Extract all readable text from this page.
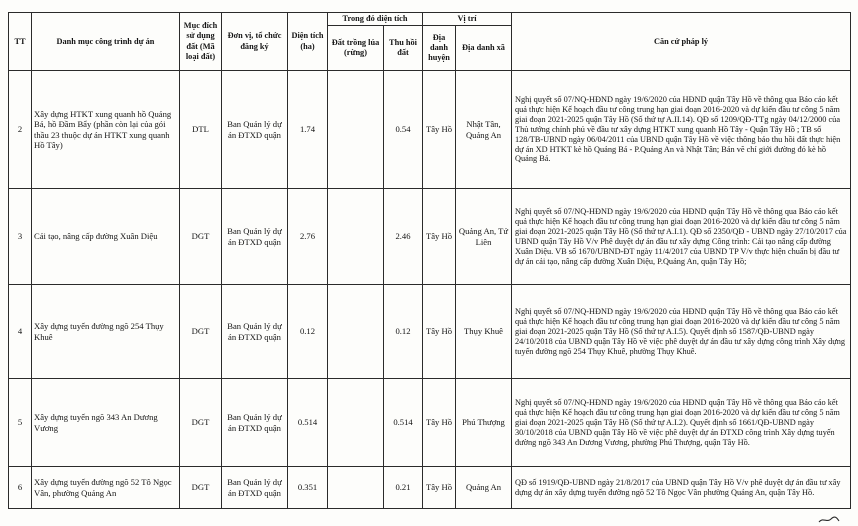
TT	Danh mục công trình dự án	Mục đích sử dụng đất (Mã loại đất)	Đơn vị, tổ chức đăng ký	Diện tích (ha)	Trong đó diện tích		Vị trí		Căn cứ pháp lý
					Đất trồng lúa (rừng)	Thu hồi đất	Địa danh huyện	Địa danh xã	
2	Xây dựng HTKT xung quanh hồ Quảng Bá, hồ Đầm Bẩy (phần còn lại của gói thầu 23 thuộc dự án HTKT xung quanh Hồ Tây)	DTL	Ban Quản lý dự án ĐTXD quận	1.74		0.54	Tây Hồ	Nhật Tân, Quảng An	Nghị quyết số 07/NQ-HĐND ngày 19/6/2020 của HĐND quận Tây Hồ về thông qua Báo cáo kết quả thực hiện Kế hoạch đầu tư công trung hạn giai đoạn 2016-2020 và dự kiến đầu tư công 5 năm giai đoạn 2021-2025 quận Tây Hồ (Số thứ tự A.II.14). QĐ số 1209/QĐ-TTg ngày 04/12/2000 của Thủ tướng chính phủ về đầu tư xây dựng HTKT xung quanh Hồ Tây - Quận Tây Hồ ; TB số 128/TB-UBND ngày 06/04/2011 của UBND quận Tây Hồ về việc thông báo thu hồi đất thực hiện dự án XD HTKT kè hồ Quảng Bá - P.Quảng An và Nhật Tân; Bản vẽ chỉ giới đường đỏ kè hồ Quảng Bá.
3	Cải tạo, nâng cấp đường Xuân Diệu	DGT	Ban Quản lý dự án ĐTXD quận	2.76		2.46	Tây Hồ	Quảng An, Tứ Liên	Nghị quyết số 07/NQ-HĐND ngày 19/6/2020 của HĐND quận Tây Hồ về thông qua Báo cáo kết quả thực hiện Kế hoạch đầu tư công trung hạn giai đoạn 2016-2020 và dự kiến đầu tư công 5 năm giai đoạn 2021-2025 quận Tây Hồ (Số thứ tự A.I.1). QĐ số 2350/QĐ - UBND ngày 27/10/2017 của UBND quận Tây Hồ V/v Phê duyệt dự án đầu tư xây dựng Công trình: Cải tạo nâng cấp đường Xuân Diệu. VB số 1670/UBND-ĐT ngày 11/4/2017 của UBND TP V/v thực hiện chuẩn bị đầu tư dự án cải tạo, nâng cấp đường Xuân Diệu, P.Quảng An, quận Tây Hồ;
4	Xây dựng tuyến đường ngõ 254 Thụy Khuê	DGT	Ban Quản lý dự án ĐTXD quận	0.12		0.12	Tây Hồ	Thụy Khuê	Nghị quyết số 07/NQ-HĐND ngày 19/6/2020 của HĐND quận Tây Hồ về thông qua Báo cáo kết quả thực hiện Kế hoạch đầu tư công trung hạn giai đoạn 2016-2020 và dự kiến đầu tư công 5 năm giai đoạn 2021-2025 quận Tây Hồ (Số thứ tự A.I.5). Quyết định số 1587/QĐ-UBND ngày 24/10/2018 của UBND quận Tây Hồ về việc phê duyệt dự án đầu tư xây dựng công trình Xây dựng tuyến đường ngõ 254 Thụy Khuê, phường Thụy Khuê.
5	Xây dựng tuyến ngõ 343 An Dương Vương	DGT	Ban Quản lý dự án ĐTXD quận	0.514		0.514	Tây Hồ	Phú Thượng	Nghị quyết số 07/NQ-HĐND ngày 19/6/2020 của HĐND quận Tây Hồ về thông qua Báo cáo kết quả thực hiện Kế hoạch đầu tư công trung hạn giai đoạn 2016-2020 và dự kiến đầu tư công 5 năm giai đoạn 2021-2025 quận Tây Hồ (Số thứ tự A.I.2). Quyết định số 1661/QĐ-UBND ngày 30/10/2018 của UBND quận Tây Hồ về việc phê duyệt dự án ĐTXD công trình Xây dựng tuyến đường ngõ 343 An Dương Vương, phường Phú Thượng, quận Tây Hồ.
6	Xây dựng tuyến đường ngõ 52 Tô Ngọc Vân, phường Quảng An	DGT	Ban Quản lý dự án ĐTXD quận	0.351		0.21	Tây Hồ	Quảng An	QĐ số 1919/QĐ-UBND ngày 21/8/2017 của UBND quận Tây Hồ V/v phê duyệt dự án đầu tư xây dựng dự án xây dựng tuyến đường ngõ 52 Tô Ngọc Vân phường Quảng An, quận Tây Hồ.
